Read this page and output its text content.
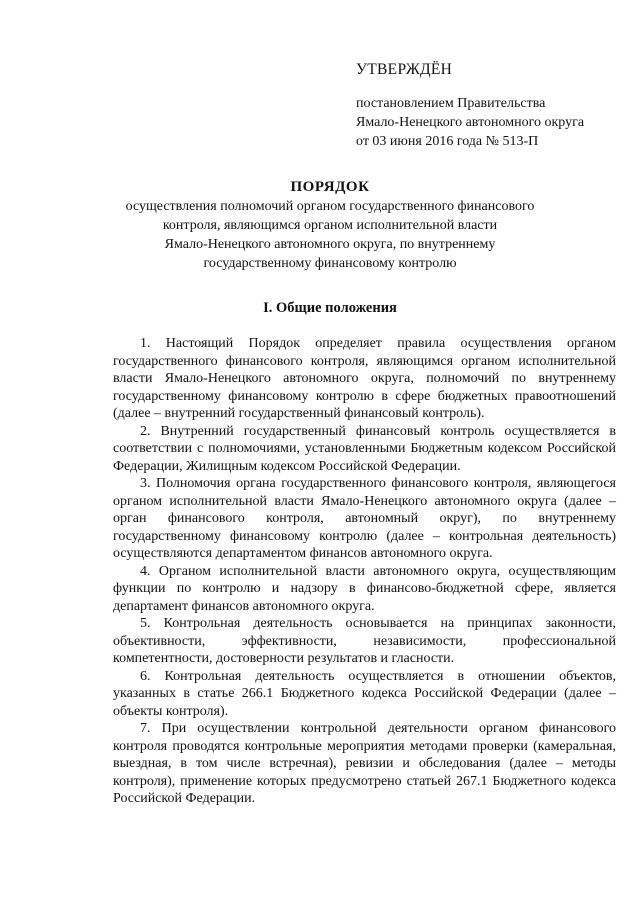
УТВЕРЖДЁН
постановлением Правительства
Ямало-Ненецкого автономного округа
от 03 июня 2016 года № 513-П
ПОРЯДОК
осуществления полномочий органом государственного финансового
контроля, являющимся органом исполнительной власти
Ямало-Ненецкого автономного округа, по внутреннему
государственному финансовому контролю
I. Общие положения

1. Настоящий Порядок определяет правила осуществления органом государственного финансового контроля, являющимся органом исполнительной власти Ямало-Ненецкого автономного округа, полномочий по внутреннему государственному финансовому контролю в сфере бюджетных правоотношений (далее – внутренний государственный финансовый контроль).

2. Внутренний государственный финансовый контроль осуществляется в соответствии с полномочиями, установленными Бюджетным кодексом Российской Федерации, Жилищным кодексом Российской Федерации.

3. Полномочия органа государственного финансового контроля, являющегося органом исполнительной власти Ямало-Ненецкого автономного округа (далее – орган финансового контроля, автономный округ), по внутреннему государственному финансовому контролю (далее – контрольная деятельность) осуществляются департаментом финансов автономного округа.

4. Органом исполнительной власти автономного округа, осуществляющим функции по контролю и надзору в финансово-бюджетной сфере, является департамент финансов автономного округа.

5. Контрольная деятельность основывается на принципах законности, объективности, эффективности, независимости, профессиональной компетентности, достоверности результатов и гласности.

6. Контрольная деятельность осуществляется в отношении объектов, указанных в статье 266.1 Бюджетного кодекса Российской Федерации (далее – объекты контроля).

7. При осуществлении контрольной деятельности органом финансового контроля проводятся контрольные мероприятия методами проверки (камеральная, выездная, в том числе встречная), ревизии и обследования (далее – методы контроля), применение которых предусмотрено статьей 267.1 Бюджетного кодекса Российской Федерации.
